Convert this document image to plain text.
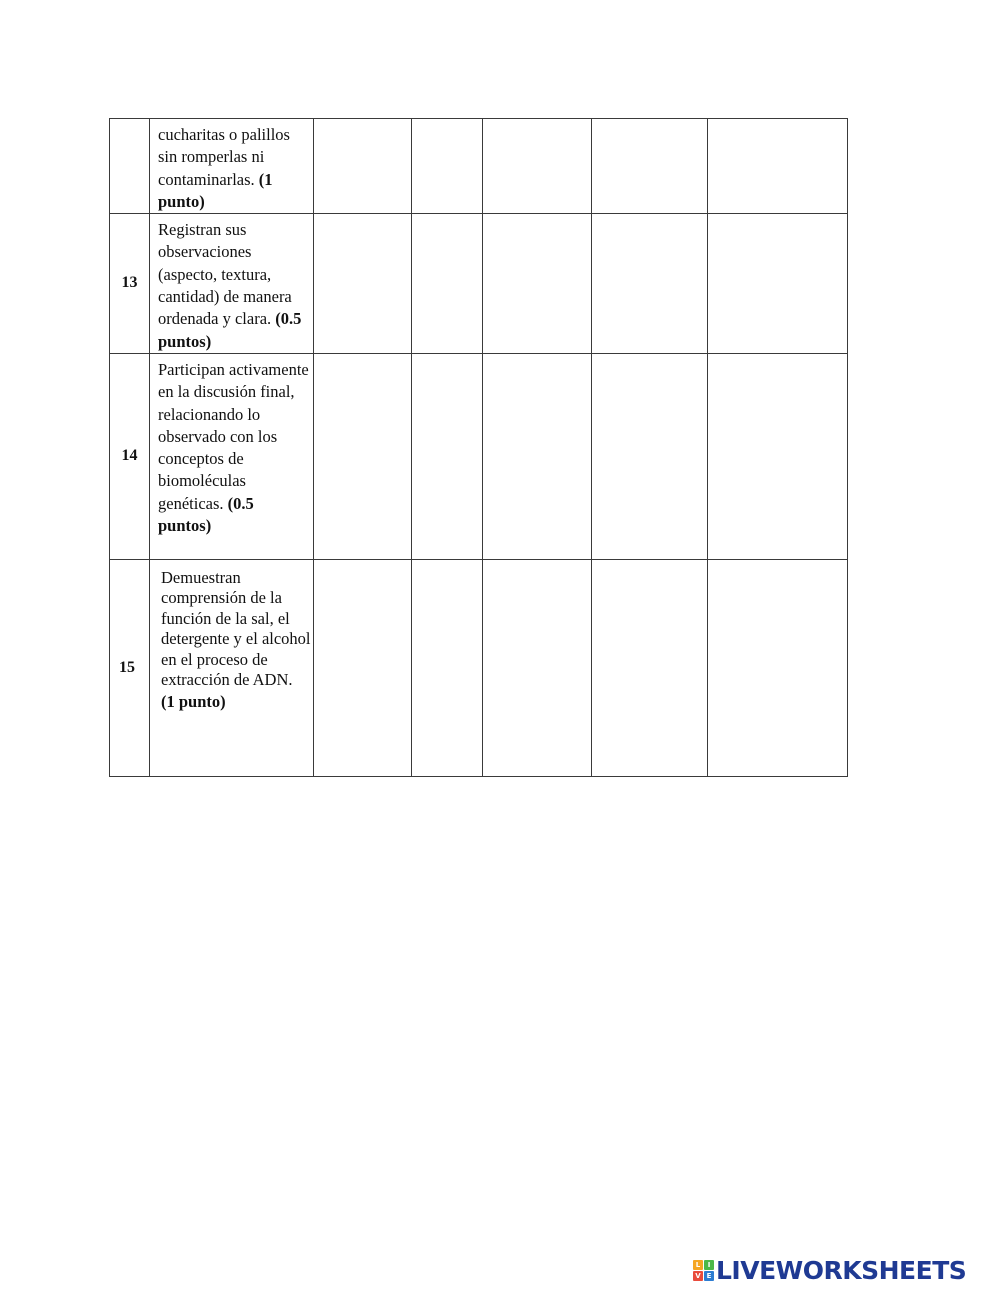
	cucharitas o palillos sin romperlas ni contaminarlas. (1 punto)					
13	Registran sus observaciones (aspecto, textura, cantidad) de manera ordenada y clara. (0.5 puntos)					
14	Participan activamente en la discusión final, relacionando lo observado con los conceptos de biomoléculas genéticas. (0.5 puntos)					
15	Demuestran comprensión de la función de la sal, el detergente y el alcohol en el proceso de extracción de ADN.
(1 punto)					

L	I
V E LIVEWORKSHEETS
